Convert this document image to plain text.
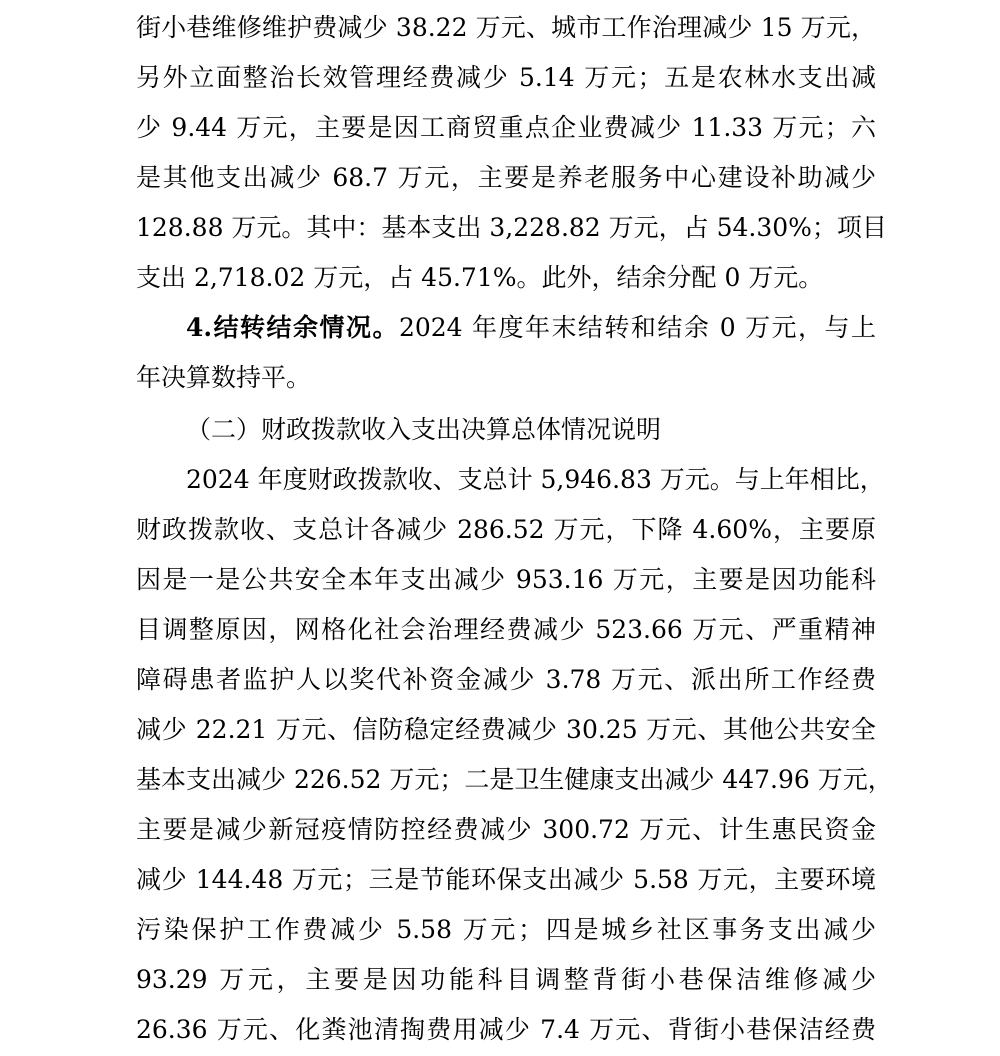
街小巷维修维护费减少 38.22 万元、城市工作治理减少 15 万元，
另外立面整治长效管理经费减少 5.14 万元；五是农林水支出减
少 9.44 万元，主要是因工商贸重点企业费减少 11.33 万元；六
是其他支出减少 68.7 万元，主要是养老服务中心建设补助减少
128.88 万元。其中：基本支出 3,228.82 万元，占 54.30%；项目
支出 2,718.02 万元，占 45.71%。此外，结余分配 0 万元。
4.结转结余情况。2024 年度年末结转和结余 0 万元，与上
年决算数持平。
（二）财政拨款收入支出决算总体情况说明
2024 年度财政拨款收、支总计 5,946.83 万元。与上年相比，
财政拨款收、支总计各减少 286.52 万元，下降 4.60%，主要原
因是一是公共安全本年支出减少 953.16 万元，主要是因功能科
目调整原因，网格化社会治理经费减少 523.66 万元、严重精神
障碍患者监护人以奖代补资金减少 3.78 万元、派出所工作经费
减少 22.21 万元、信防稳定经费减少 30.25 万元、其他公共安全
基本支出减少 226.52 万元；二是卫生健康支出减少 447.96 万元，
主要是减少新冠疫情防控经费减少 300.72 万元、计生惠民资金
减少 144.48 万元；三是节能环保支出减少 5.58 万元，主要环境
污染保护工作费减少 5.58 万元；四是城乡社区事务支出减少
93.29 万元，主要是因功能科目调整背街小巷保洁维修减少
26.36 万元、化粪池清掏费用减少 7.4 万元、背街小巷保洁经费
